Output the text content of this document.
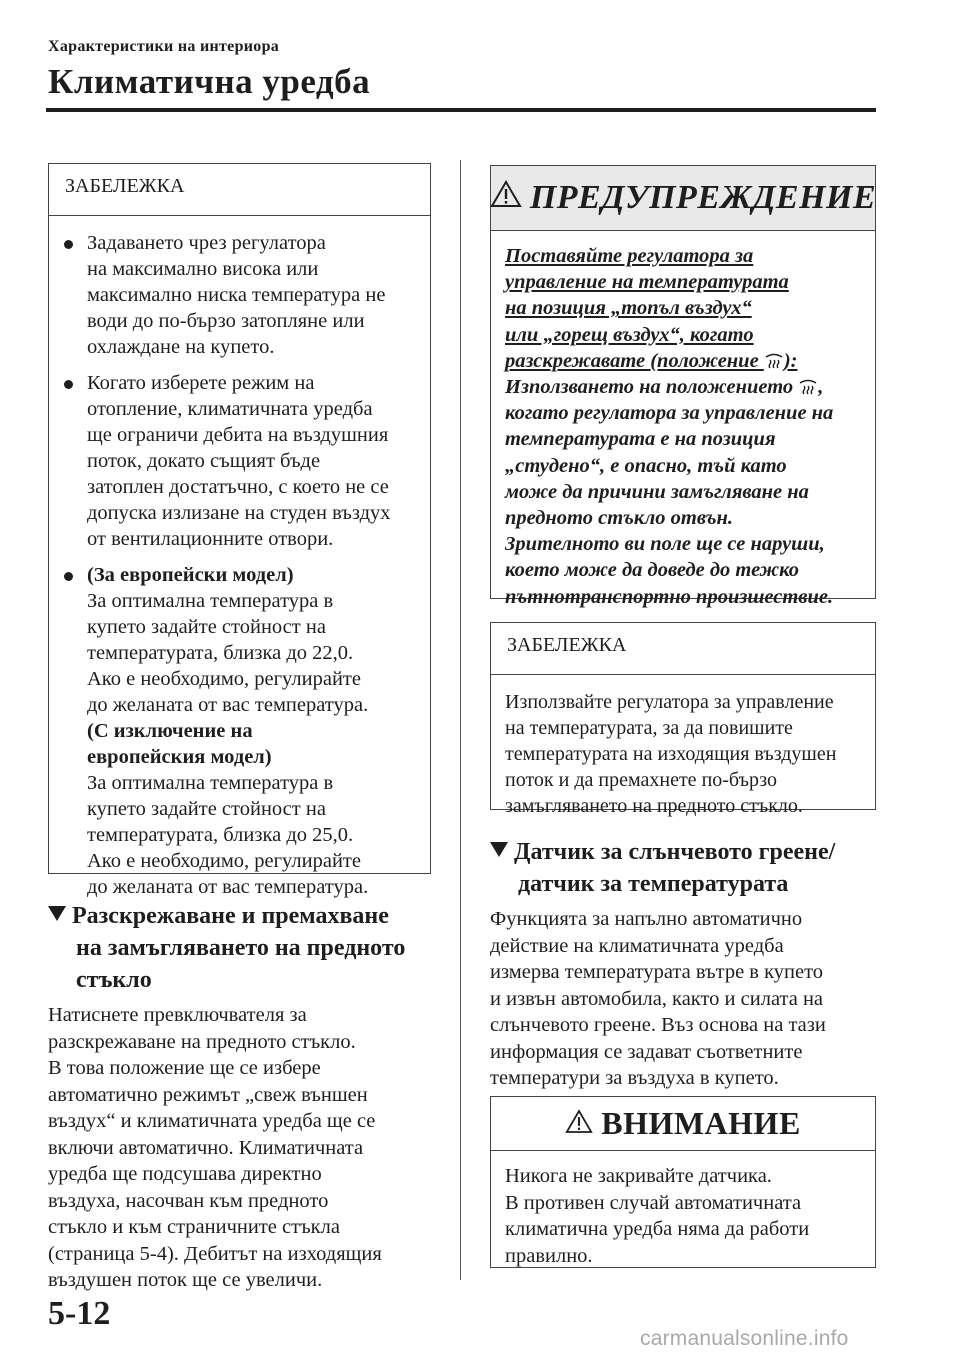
Характеристики на интериора
Климатична уредба
ЗАБЕЛЕЖКА
Задаването чрез регулатора
на максимално висока или
максимално ниска температура не
води до по-бързо затопляне или
охлаждане на купето.
Когато изберете режим на
отопление, климатичната уредба
ще ограничи дебита на въздушния
поток, докато същият бъде
затоплен достатъчно, с което не се
допуска излизане на студен въздух
от вентилационните отвори.
(За европейски модел)
За оптимална температура в
купето задайте стойност на
температурата, близка до 22,0.
Ако е необходимо, регулирайте
до желаната от вас температура.
(С изключение на
европейския модел)
За оптимална температура в
купето задайте стойност на
температурата, близка до 25,0.
Ако е необходимо, регулирайте
до желаната от вас температура.
Разскрежаване и премахване
на замъгляването на предното
стъкло
Натиснете превключвателя за
разскрежаване на предното стъкло.
В това положение ще се избере
автоматично режимът „свеж външен
въздух“ и климатичната уредба ще се
включи автоматично. Климатичната
уредба ще подсушава директно
въздуха, насочван към предното
стъкло и към страничните стъкла
(страница 5-4). Дебитът на изходящия
въздушен поток ще се увеличи.
ПРЕДУПРЕЖДЕНИЕ
Поставяйте регулатора за
управление на температурата
на позиция „топъл въздух“
или „горещ въздух“, когато
разскрежавате (положение ):
Използването на положението ,
когато регулатора за управление на
температурата е на позиция
„студено“, е опасно, тъй като
може да причини замъгляване на
предното стъкло отвън.
Зрителното ви поле ще се наруши,
което може да доведе до тежко
пътнотранспортно произшествие.
ЗАБЕЛЕЖКА
Използвайте регулатора за управление
на температурата, за да повишите
температурата на изходящия въздушен
поток и да премахнете по-бързо
замъгляването на предното стъкло.
Датчик за слънчевото греене/
датчик за температурата
Функцията за напълно автоматично
действие на климатичната уредба
измерва температурата вътре в купето
и извън автомобила, както и силата на
слънчевото греене. Въз основа на тази
информация се задават съответните
температури за въздуха в купето.
ВНИМАНИЕ
Никога не закривайте датчика.
В противен случай автоматичната
климатична уредба няма да работи
правилно.
5-12
carmanualsonline.info
